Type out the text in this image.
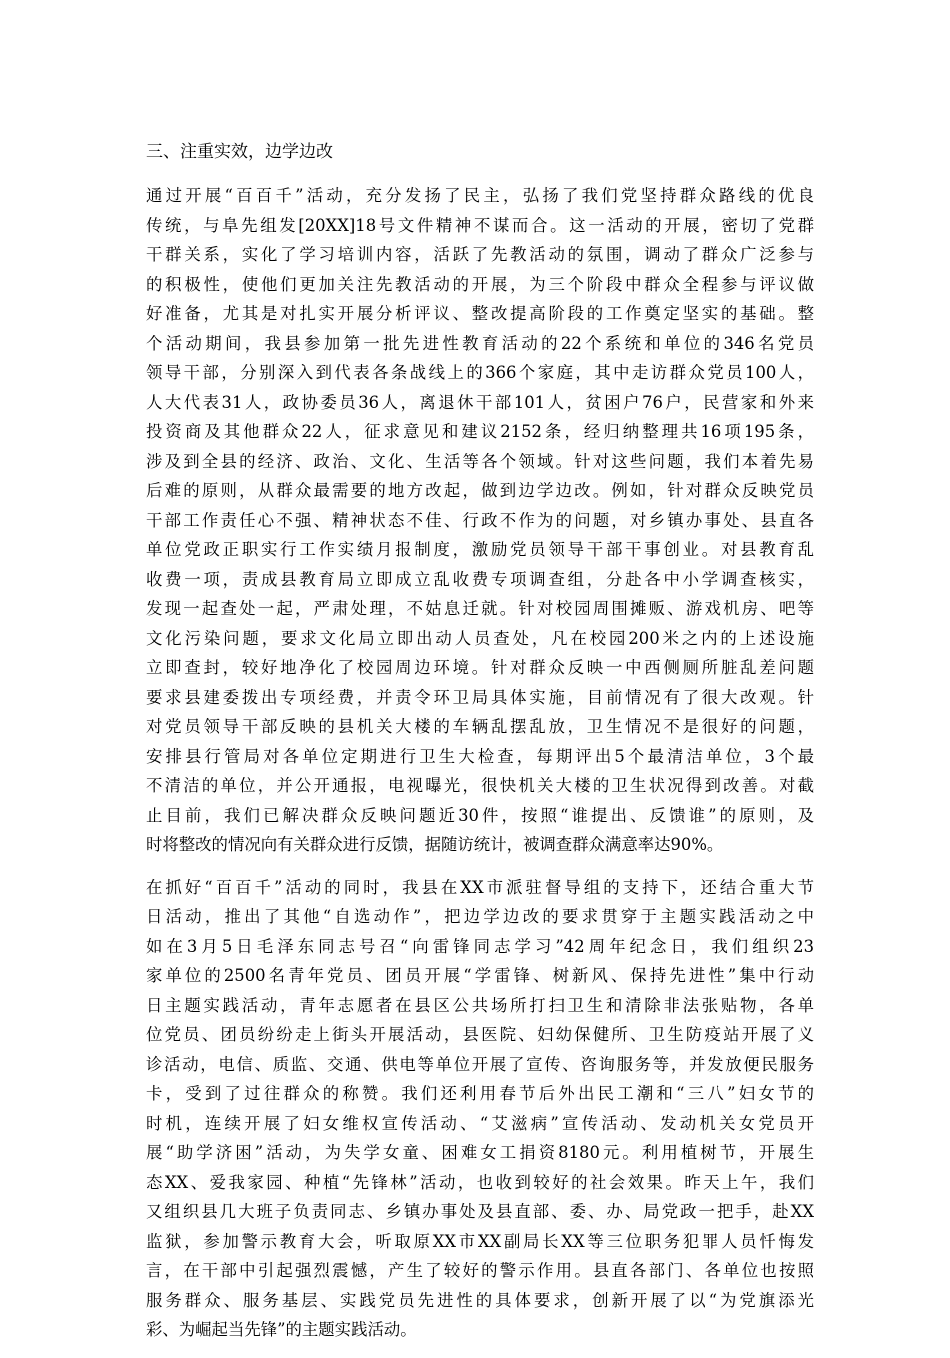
三、注重实效，边学边改
通过开展“百百千”活动，充分发扬了民主，弘扬了我们党坚持群众路线的优良
传统，与阜先组发[20XX]18号文件精神不谋而合。这一活动的开展，密切了党群
干群关系，实化了学习培训内容，活跃了先教活动的氛围，调动了群众广泛参与
的积极性，使他们更加关注先教活动的开展，为三个阶段中群众全程参与评议做
好准备，尤其是对扎实开展分析评议、整改提高阶段的工作奠定坚实的基础。整
个活动期间，我县参加第一批先进性教育活动的22个系统和单位的346名党员
领导干部，分别深入到代表各条战线上的366个家庭，其中走访群众党员100人，
人大代表31人，政协委员36人，离退休干部101人，贫困户76户，民营家和外来
投资商及其他群众22人，征求意见和建议2152条，经归纳整理共16项195条，
涉及到全县的经济、政治、文化、生活等各个领域。针对这些问题，我们本着先易
后难的原则，从群众最需要的地方改起，做到边学边改。例如，针对群众反映党员
干部工作责任心不强、精神状态不佳、行政不作为的问题，对乡镇办事处、县直各
单位党政正职实行工作实绩月报制度，激励党员领导干部干事创业。对县教育乱
收费一项，责成县教育局立即成立乱收费专项调查组，分赴各中小学调查核实，
发现一起查处一起，严肃处理，不姑息迁就。针对校园周围摊贩、游戏机房、吧等
文化污染问题，要求文化局立即出动人员查处，凡在校园200米之内的上述设施
立即查封，较好地净化了校园周边环境。针对群众反映一中西侧厕所脏乱差问题
要求县建委拨出专项经费，并责令环卫局具体实施，目前情况有了很大改观。针
对党员领导干部反映的县机关大楼的车辆乱摆乱放，卫生情况不是很好的问题，
安排县行管局对各单位定期进行卫生大检查，每期评出5个最清洁单位，3个最
不清洁的单位，并公开通报，电视曝光，很快机关大楼的卫生状况得到改善。对截
止目前，我们已解决群众反映问题近30件，按照“谁提出、反馈谁”的原则，及
时将整改的情况向有关群众进行反馈，据随访统计，被调查群众满意率达90%。
在抓好“百百千”活动的同时，我县在XX市派驻督导组的支持下，还结合重大节
日活动，推出了其他“自选动作”，把边学边改的要求贯穿于主题实践活动之中
如在3月5日毛泽东同志号召“向雷锋同志学习”42周年纪念日，我们组织23
家单位的2500名青年党员、团员开展“学雷锋、树新风、保持先进性”集中行动
日主题实践活动，青年志愿者在县区公共场所打扫卫生和清除非法张贴物，各单
位党员、团员纷纷走上街头开展活动，县医院、妇幼保健所、卫生防疫站开展了义
诊活动，电信、质监、交通、供电等单位开展了宣传、咨询服务等，并发放便民服务
卡，受到了过往群众的称赞。我们还利用春节后外出民工潮和“三八”妇女节的
时机，连续开展了妇女维权宣传活动、“艾滋病”宣传活动、发动机关女党员开
展“助学济困”活动，为失学女童、困难女工捐资8180元。利用植树节，开展生
态XX、爱我家园、种植“先锋林”活动，也收到较好的社会效果。昨天上午，我们
又组织县几大班子负责同志、乡镇办事处及县直部、委、办、局党政一把手，赴XX
监狱，参加警示教育大会，听取原XX市XX副局长XX等三位职务犯罪人员忏悔发
言，在干部中引起强烈震憾，产生了较好的警示作用。县直各部门、各单位也按照
服务群众、服务基层、实践党员先进性的具体要求，创新开展了以“为党旗添光
彩、为崛起当先锋”的主题实践活动。
